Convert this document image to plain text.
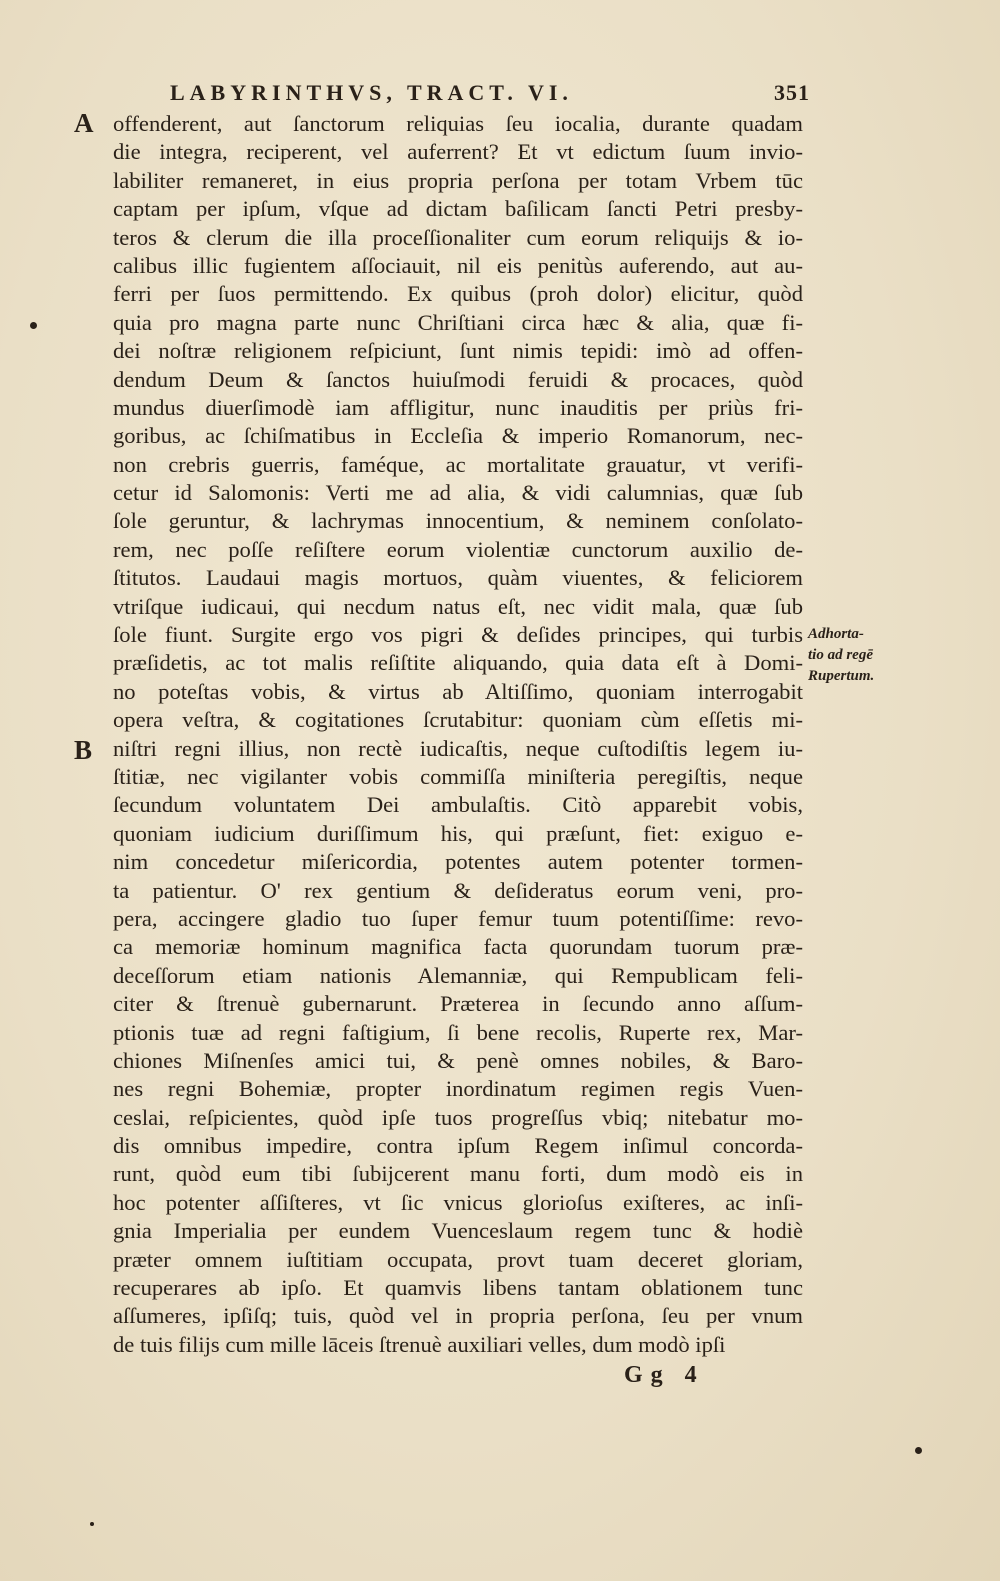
LABYRINTHVS, TRACT. VI.	351
A
B
offenderent, aut ſanctorum reliquias ſeu iocalia, durante quadam
die integra, reciperent, vel auferrent? Et vt edictum ſuum invio-
labiliter remaneret, in eius propria perſona per totam Vrbem tūc
captam per ipſum, vſque ad dictam baſilicam ſancti Petri presby-
teros & clerum die illa proceſſionaliter cum eorum reliquijs & io-
calibus illic fugientem aſſociauit, nil eis penitùs auferendo, aut au-
ferri per ſuos permittendo. Ex quibus (proh dolor) elicitur, quòd
quia pro magna parte nunc Chriſtiani circa hæc & alia, quæ fi-
dei noſtræ religionem reſpiciunt, ſunt nimis tepidi: imò ad offen-
dendum Deum & ſanctos huiuſmodi feruidi & procaces, quòd
mundus diuerſimodè iam affligitur, nunc inauditis per priùs fri-
goribus, ac ſchiſmatibus in Eccleſia & imperio Romanorum, nec-
non crebris guerris, faméque, ac mortalitate grauatur, vt verifi-
cetur id Salomonis: Verti me ad alia, & vidi calumnias, quæ ſub
ſole geruntur, & lachrymas innocentium, & neminem conſolato-
rem, nec poſſe reſiſtere eorum violentiæ cunctorum auxilio de-
ſtitutos. Laudaui magis mortuos, quàm viuentes, & feliciorem
vtriſque iudicaui, qui necdum natus eſt, nec vidit mala, quæ ſub
ſole fiunt. Surgite ergo vos pigri & deſides principes, qui turbis
præſidetis, ac tot malis reſiſtite aliquando, quia data eſt à Domi-
no poteſtas vobis, & virtus ab Altiſſimo, quoniam interrogabit
opera veſtra, & cogitationes ſcrutabitur: quoniam cùm eſſetis mi-
niſtri regni illius, non rectè iudicaſtis, neque cuſtodiſtis legem iu-
ſtitiæ, nec vigilanter vobis commiſſa miniſteria peregiſtis, neque
ſecundum voluntatem Dei ambulaſtis. Citò apparebit vobis,
quoniam iudicium duriſſimum his, qui præſunt, fiet: exiguo e-
nim concedetur miſericordia, potentes autem potenter tormen-
ta patientur. O' rex gentium & deſideratus eorum veni, pro-
pera, accingere gladio tuo ſuper femur tuum potentiſſime: revo-
ca memoriæ hominum magnifica facta quorundam tuorum præ-
deceſſorum etiam nationis Alemanniæ, qui Rempublicam feli-
citer & ſtrenuè gubernarunt. Præterea in ſecundo anno aſſum-
ptionis tuæ ad regni faſtigium, ſi bene recolis, Ruperte rex, Mar-
chiones Miſnenſes amici tui, & penè omnes nobiles, & Baro-
nes regni Bohemiæ, propter inordinatum regimen regis Vuen-
ceslai, reſpicientes, quòd ipſe tuos progreſſus vbiq; nitebatur mo-
dis omnibus impedire, contra ipſum Regem inſimul concorda-
runt, quòd eum tibi ſubijcerent manu forti, dum modò eis in
hoc potenter aſſiſteres, vt ſic vnicus glorioſus exiſteres, ac inſi-
gnia Imperialia per eundem Vuenceslaum regem tunc & hodiè
præter omnem iuſtitiam occupata, provt tuam deceret gloriam,
recuperares ab ipſo. Et quamvis libens tantam oblationem tunc
aſſumeres, ipſiſq; tuis, quòd vel in propria perſona, ſeu per vnum
de tuis filijs cum mille lāceis ſtrenuè auxiliari velles, dum modò ipſi
Adhorta-
tio ad regē
Rupertum.
Gg 4
